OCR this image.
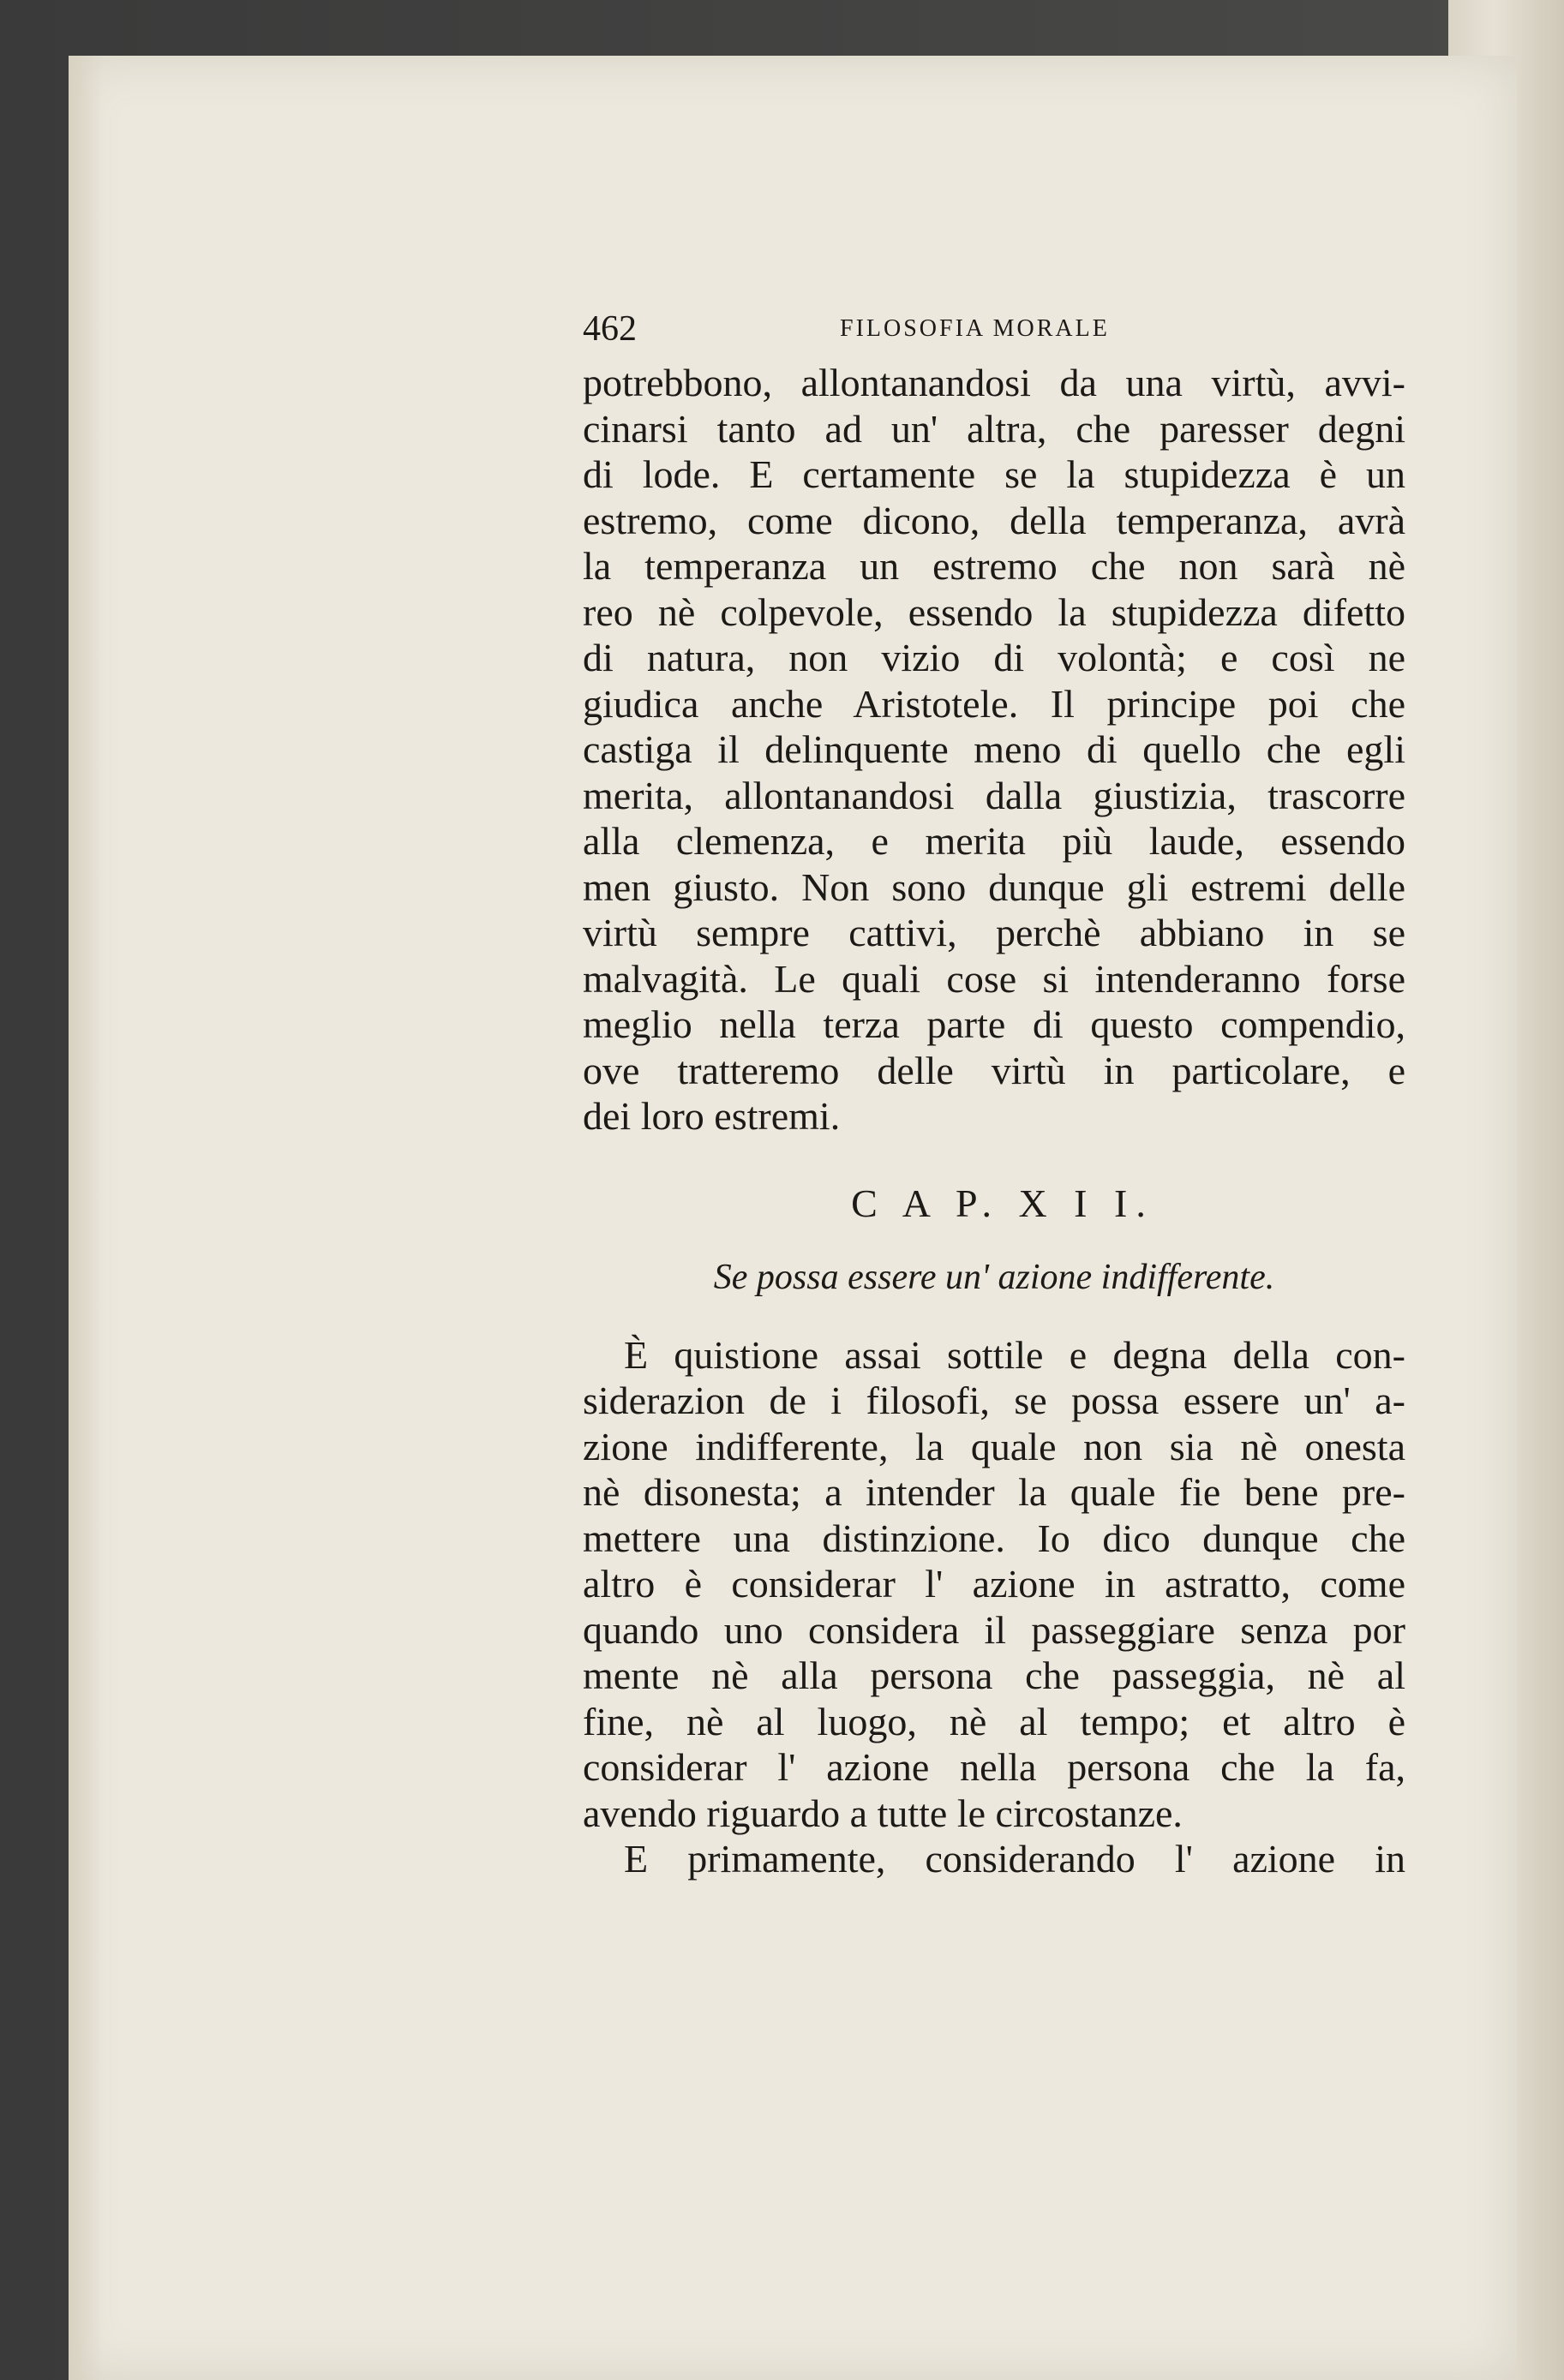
462	FILOSOFIA MORALE
potrebbono, allontanandosi da una virtù, avvi-
cinarsi tanto ad un' altra, che paresser degni
di lode. E certamente se la stupidezza è un
estremo, come dicono, della temperanza, avrà
la temperanza un estremo che non sarà nè
reo nè colpevole, essendo la stupidezza difetto
di natura, non vizio di volontà; e così ne
giudica anche Aristotele. Il principe poi che
castiga il delinquente meno di quello che egli
merita, allontanandosi dalla giustizia, trascorre
alla clemenza, e merita più laude, essendo
men giusto. Non sono dunque gli estremi delle
virtù sempre cattivi, perchè abbiano in se
malvagità. Le quali cose si intenderanno forse
meglio nella terza parte di questo compendio,
ove tratteremo delle virtù in particolare, e
dei loro estremi.
C A P. X I I.
Se possa essere un' azione indifferente.
È quistione assai sottile e degna della con-
siderazion de i filosofi, se possa essere un' a-
zione indifferente, la quale non sia nè onesta
nè disonesta; a intender la quale fie bene pre-
mettere una distinzione. Io dico dunque che
altro è considerar l' azione in astratto, come
quando uno considera il passeggiare senza por
mente nè alla persona che passeggia, nè al
fine, nè al luogo, nè al tempo; et altro è
considerar l' azione nella persona che la fa,
avendo riguardo a tutte le circostanze.
E primamente, considerando l' azione in
